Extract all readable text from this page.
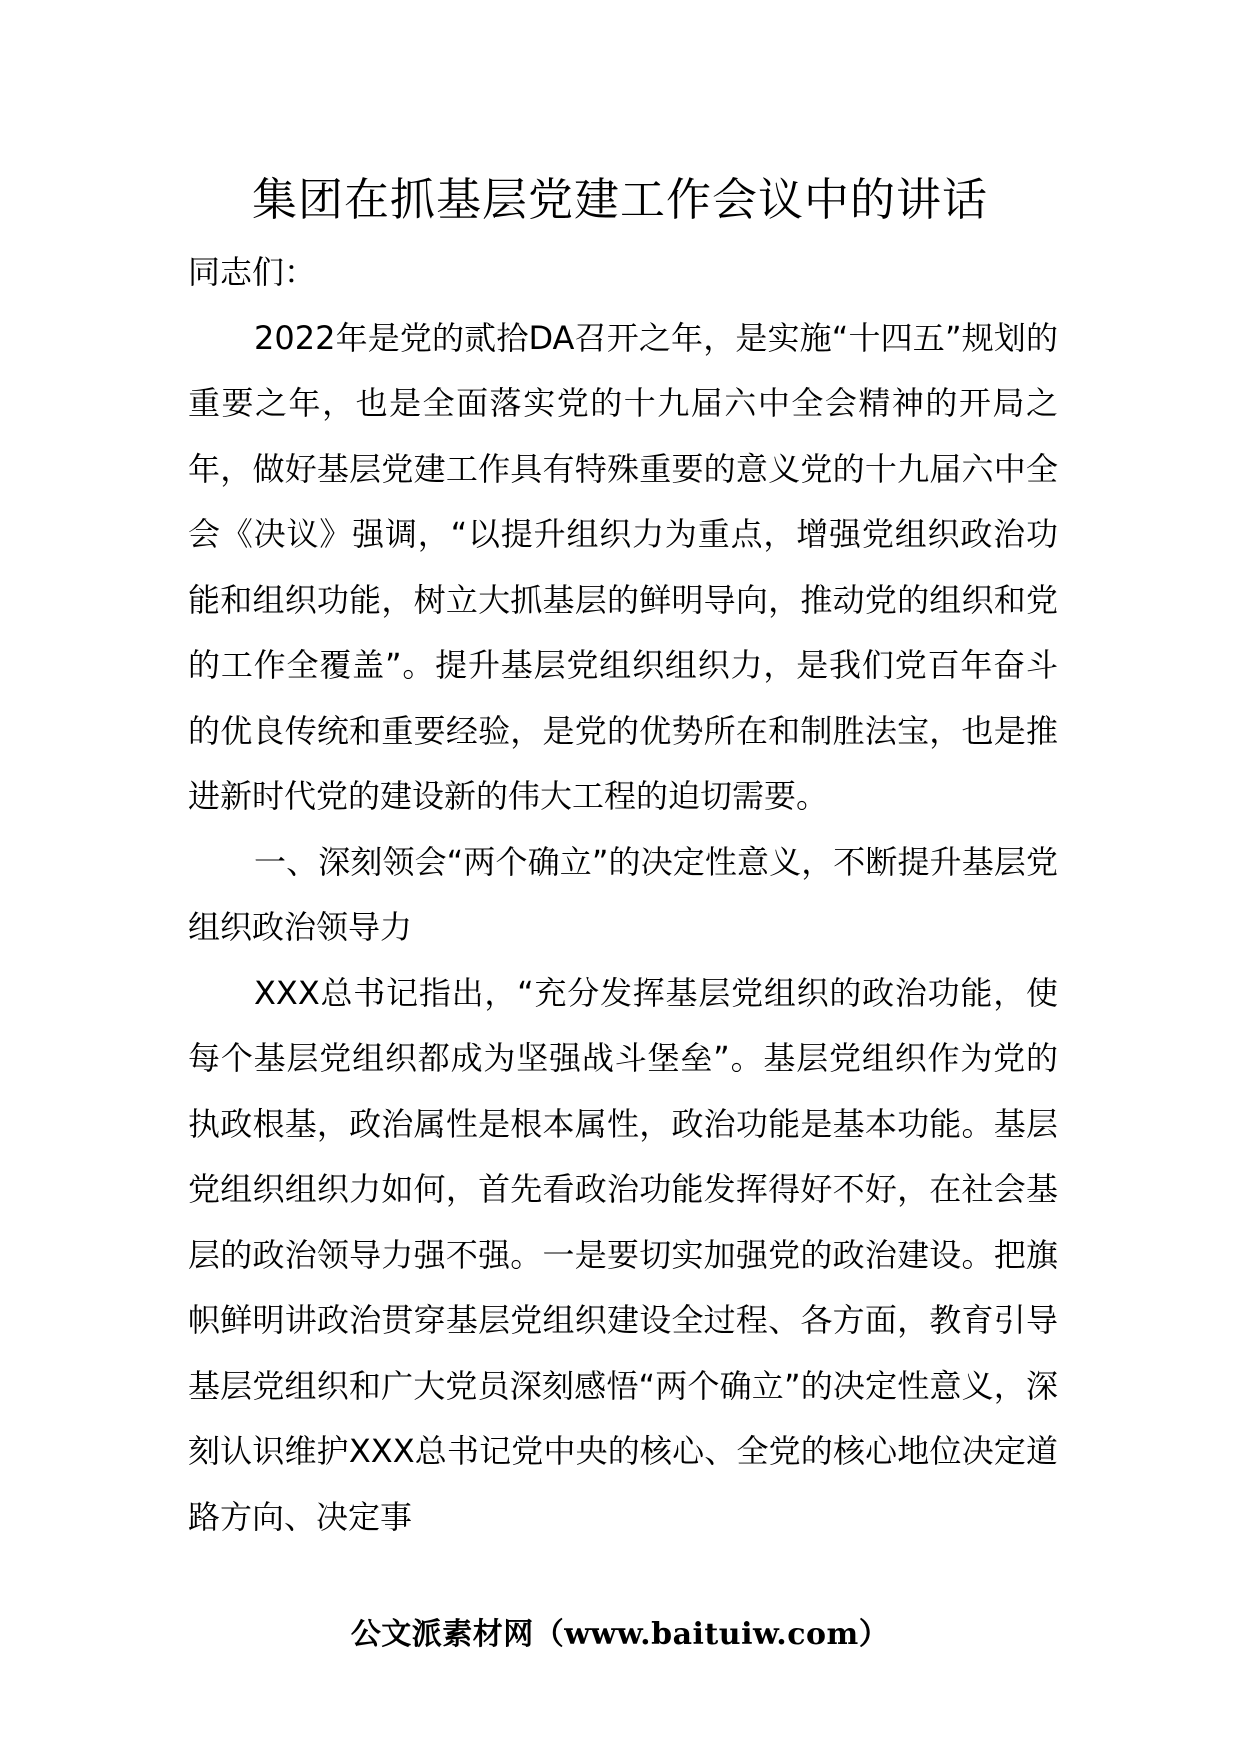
集团在抓基层党建工作会议中的讲话

同志们：

2022年是党的贰拾DA召开之年，是实施“十四五”规划的重要之年，也是全面落实党的十九届六中全会精神的开局之年，做好基层党建工作具有特殊重要的意义党的十九届六中全会《决议》强调，“以提升组织力为重点，增强党组织政治功能和组织功能，树立大抓基层的鲜明导向，推动党的组织和党的工作全覆盖”。提升基层党组织组织力，是我们党百年奋斗的优良传统和重要经验，是党的优势所在和制胜法宝，也是推进新时代党的建设新的伟大工程的迫切需要。

一、深刻领会“两个确立”的决定性意义，不断提升基层党组织政治领导力

XXX总书记指出，“充分发挥基层党组织的政治功能，使每个基层党组织都成为坚强战斗堡垒”。基层党组织作为党的执政根基，政治属性是根本属性，政治功能是基本功能。基层党组织组织力如何，首先看政治功能发挥得好不好，在社会基层的政治领导力强不强。一是要切实加强党的政治建设。把旗帜鲜明讲政治贯穿基层党组织建设全过程、各方面，教育引导基层党组织和广大党员深刻感悟“两个确立”的决定性意义，深刻认识维护XXX总书记党中央的核心、全党的核心地位决定道路方向、决定事

公文派素材网（www.baituiw.com）
